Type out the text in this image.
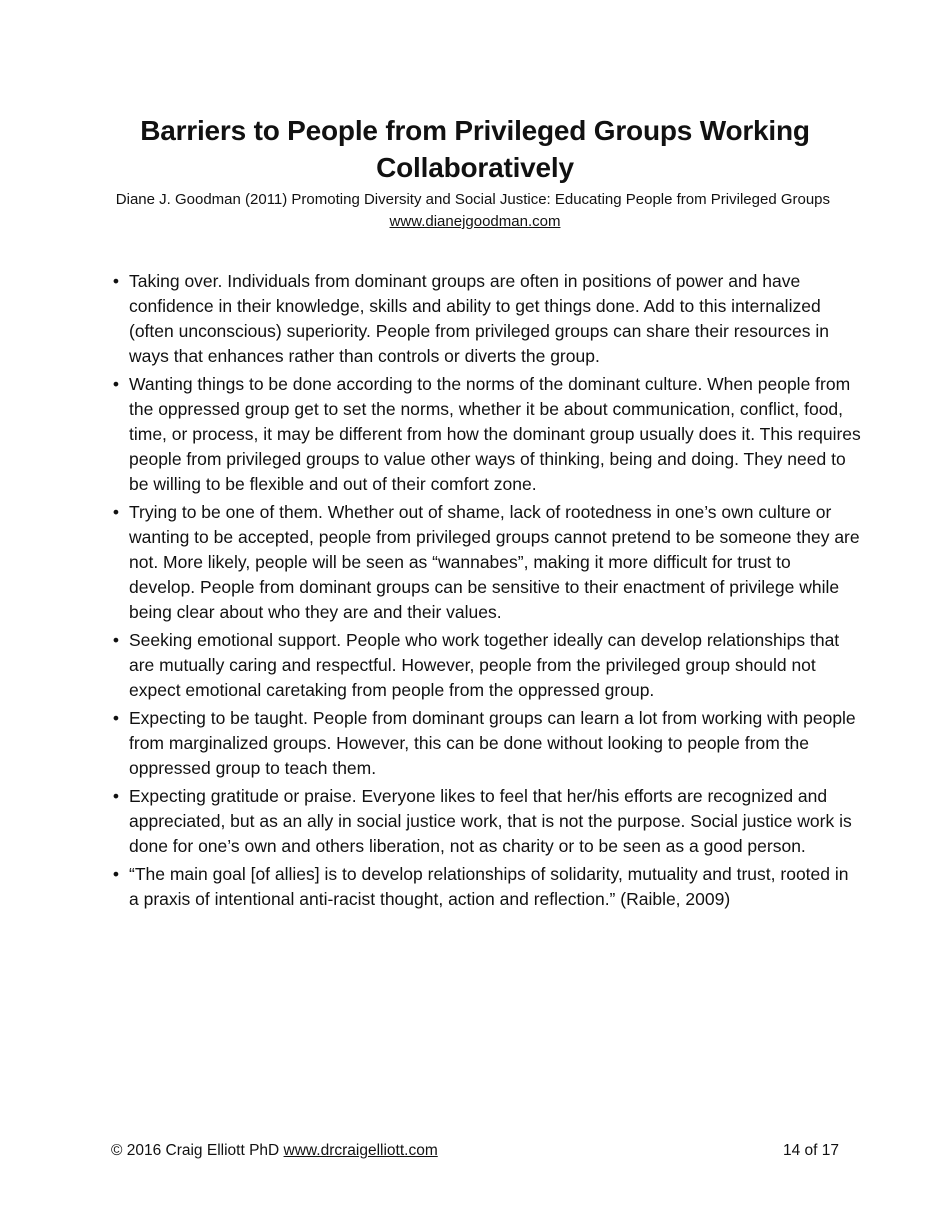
Barriers to People from Privileged Groups Working Collaboratively

Diane J. Goodman (2011) Promoting Diversity and Social Justice: Educating People from Privileged Groups  www.dianejgoodman.com

• Taking over. Individuals from dominant groups are often in positions of power and have confidence in their knowledge, skills and ability to get things done. Add to this internalized (often unconscious) superiority. People from privileged groups can share their resources in ways that enhances rather than controls or diverts the group.
• Wanting things to be done according to the norms of the dominant culture. When people from the oppressed group get to set the norms, whether it be about communication, conflict, food, time, or process, it may be different from how the dominant group usually does it. This requires people from privileged groups to value other ways of thinking, being and doing. They need to be willing to be flexible and out of their comfort zone.
• Trying to be one of them. Whether out of shame, lack of rootedness in one’s own culture or wanting to be accepted, people from privileged groups cannot pretend to be someone they are not. More likely, people will be seen as “wannabes”, making it more difficult for trust to develop. People from dominant groups can be sensitive to their enactment of privilege while being clear about who they are and their values.
• Seeking emotional support. People who work together ideally can develop relationships that are mutually caring and respectful. However, people from the privileged group should not expect emotional caretaking from people from the oppressed group.
• Expecting to be taught. People from dominant groups can learn a lot from working with people from marginalized groups. However, this can be done without looking to people from the oppressed group to teach them.
• Expecting gratitude or praise. Everyone likes to feel that her/his efforts are recognized and appreciated, but as an ally in social justice work, that is not the purpose. Social justice work is done for one’s own and others liberation, not as charity or to be seen as a good person.
• “The main goal [of allies] is to develop relationships of solidarity, mutuality and trust, rooted in a praxis of intentional anti-racist thought, action and reflection.” (Raible, 2009)
© 2016 Craig Elliott PhD www.drcraigelliott.com	14 of 17
